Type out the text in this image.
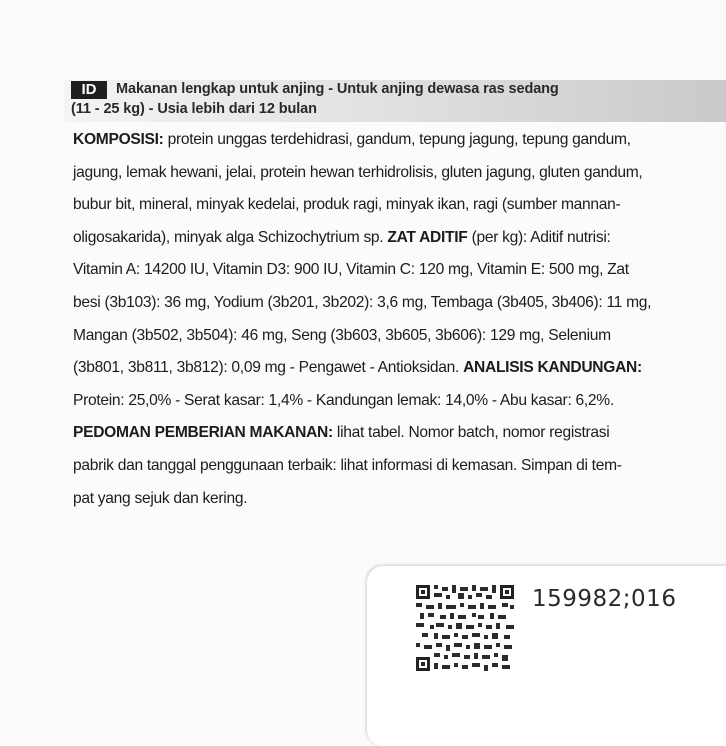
ID	Makanan lengkap untuk anjing - Untuk anjing dewasa ras sedang
(11 - 25 kg) - Usia lebih dari 12 bulan
KOMPOSISI: protein unggas terdehidrasi, gandum, tepung jagung, tepung gandum,
jagung, lemak hewani, jelai, protein hewan terhidrolisis, gluten jagung, gluten gandum,
bubur bit, mineral, minyak kedelai, produk ragi, minyak ikan, ragi (sumber mannan-
oligosakarida), minyak alga Schizochytrium sp. ZAT ADITIF (per kg): Aditif nutrisi:
Vitamin A: 14200 IU, Vitamin D3: 900 IU, Vitamin C: 120 mg, Vitamin E: 500 mg, Zat
besi (3b103): 36 mg, Yodium (3b201, 3b202): 3,6 mg, Tembaga (3b405, 3b406): 11 mg,
Mangan (3b502, 3b504): 46 mg, Seng (3b603, 3b605, 3b606): 129 mg, Selenium
(3b801, 3b811, 3b812): 0,09 mg - Pengawet - Antioksidan. ANALISIS KANDUNGAN:
Protein: 25,0% - Serat kasar: 1,4% - Kandungan lemak: 14,0% - Abu kasar: 6,2%.
PEDOMAN PEMBERIAN MAKANAN: lihat tabel. Nomor batch, nomor registrasi
pabrik dan tanggal penggunaan terbaik: lihat informasi di kemasan. Simpan di tem-
pat yang sejuk dan kering.
159982;016
